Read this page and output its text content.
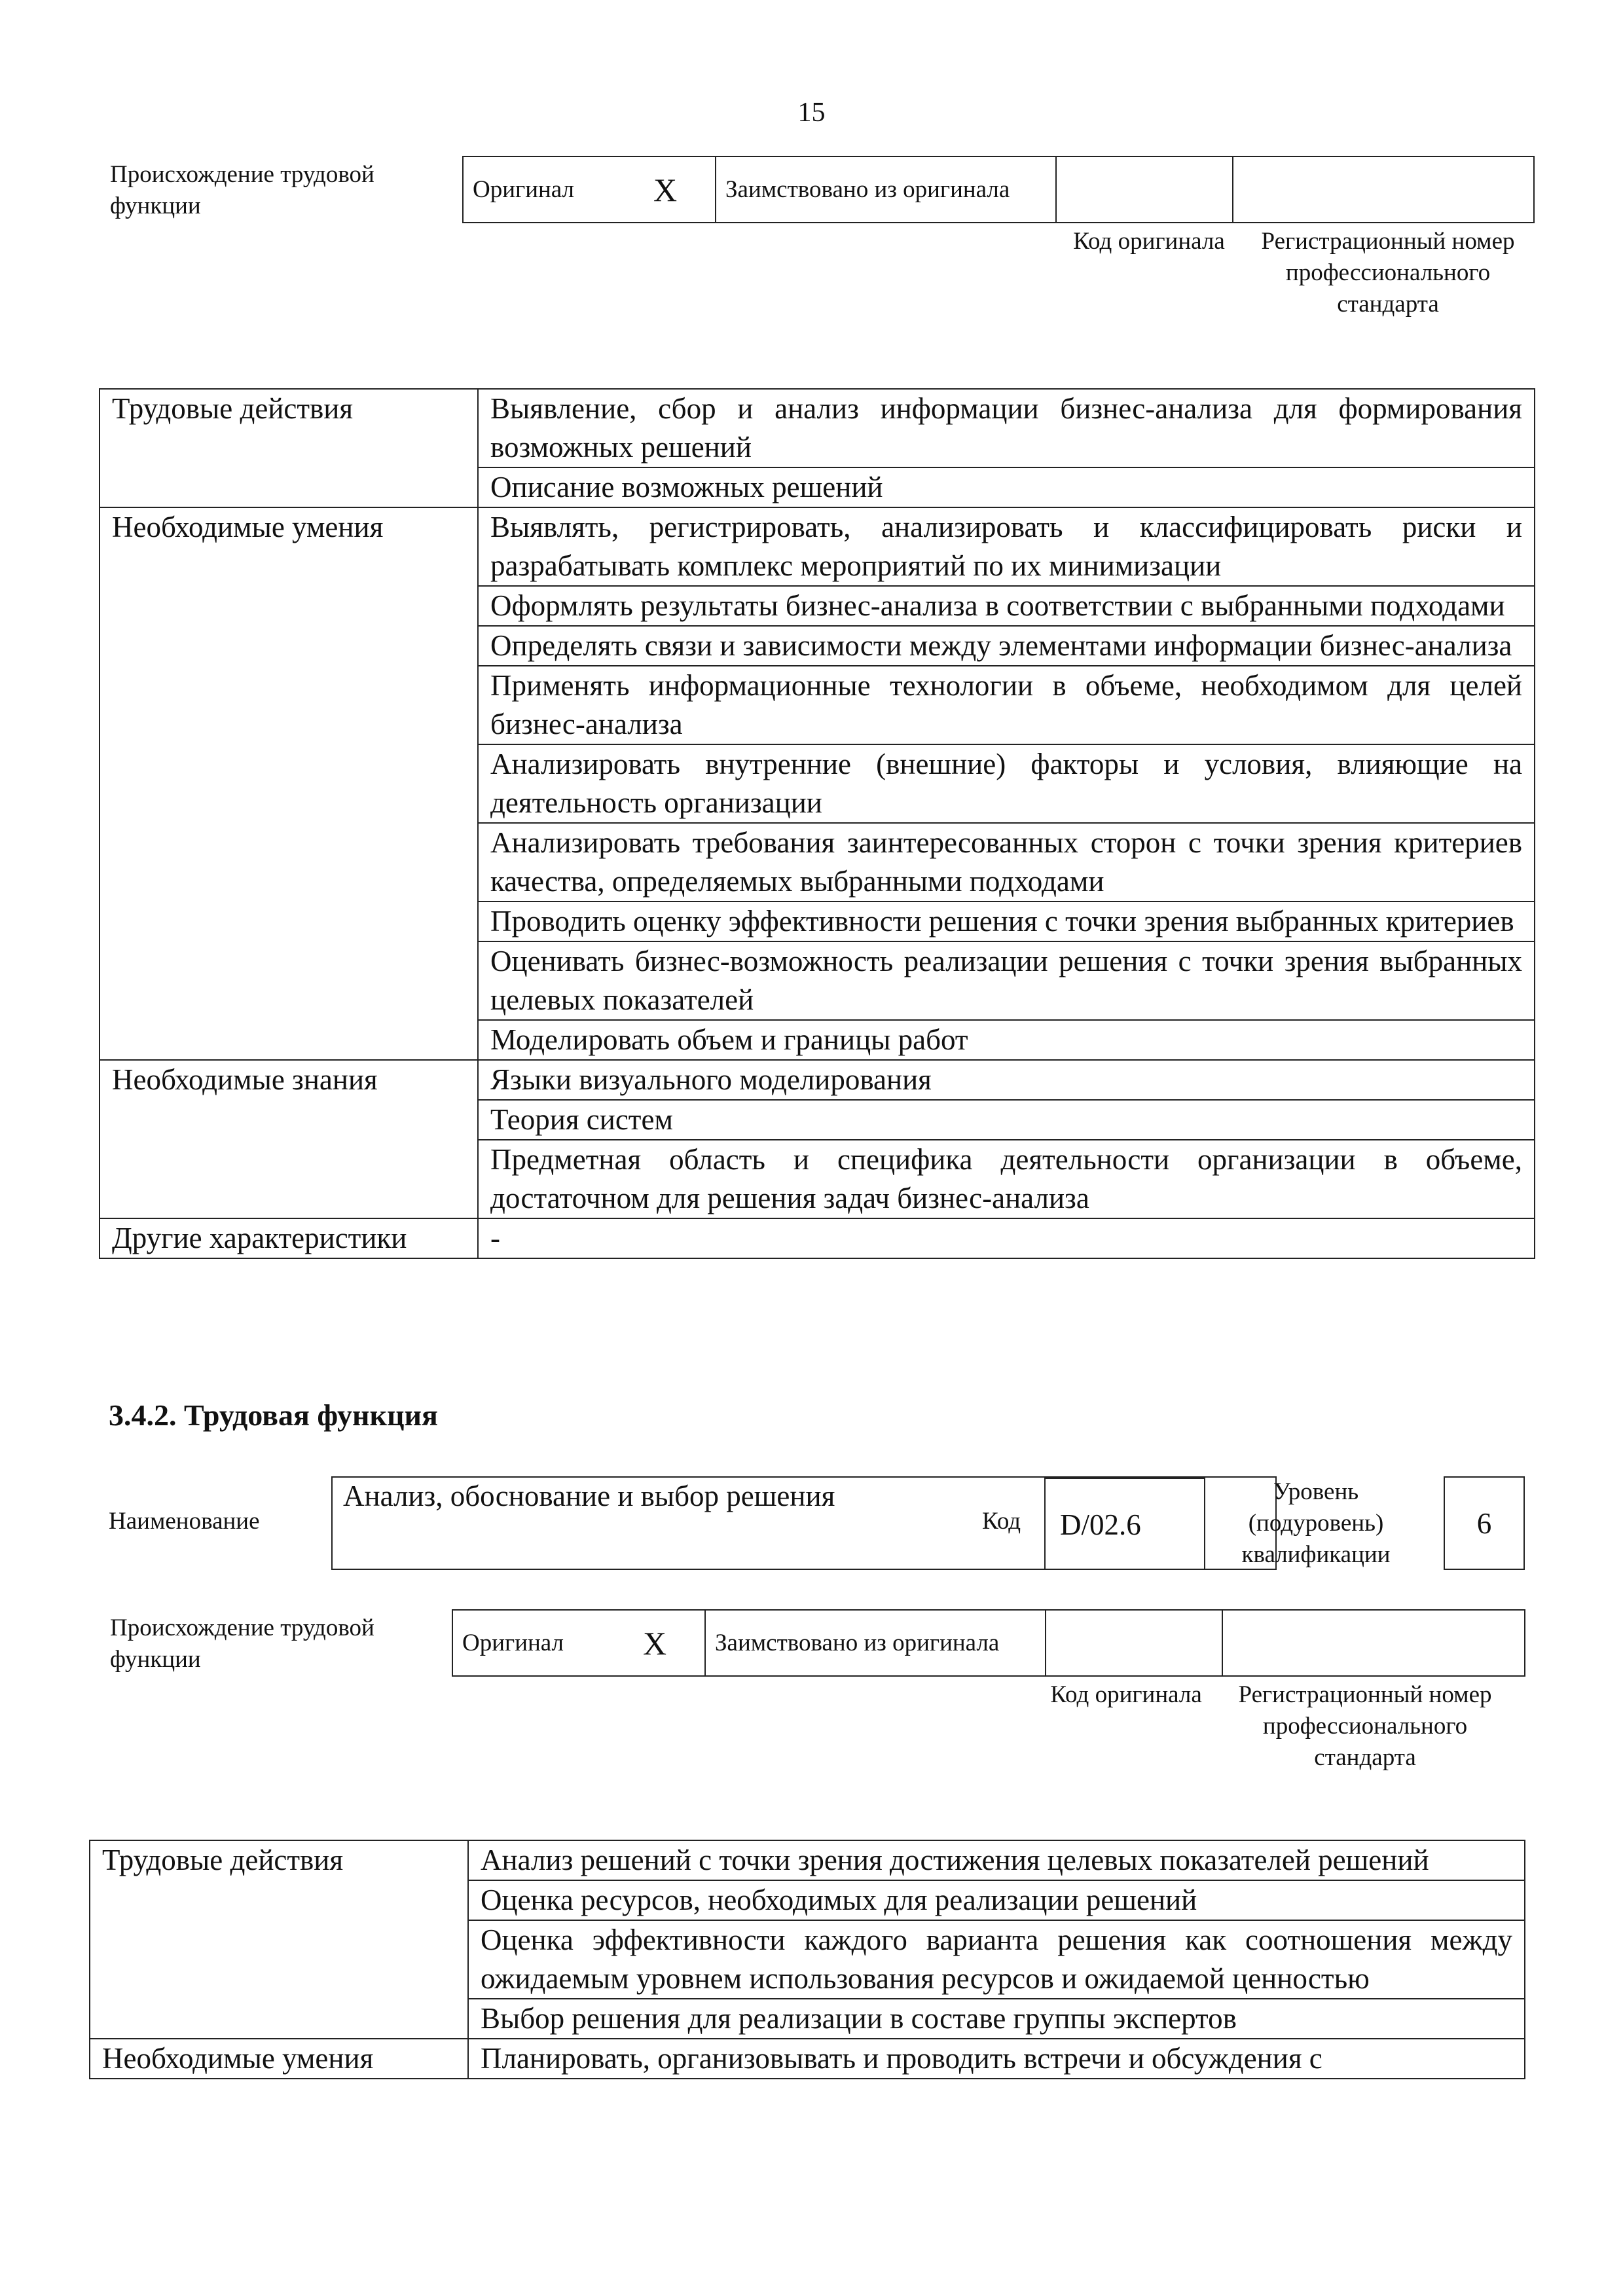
15
Происхождение трудовой функции
Оригинал	X	Заимствовано из оригинала		
Код оригинала	Регистрационный номер профессионального стандарта
Трудовые действия	Выявление, сбор и анализ информации бизнес-анализа для формирования возможных решений
	Описание возможных решений
Необходимые умения	Выявлять, регистрировать, анализировать и классифицировать риски и разрабатывать комплекс мероприятий по их минимизации
	Оформлять результаты бизнес-анализа в соответствии с выбранными подходами
	Определять связи и зависимости между элементами информации бизнес-анализа
	Применять информационные технологии в объеме, необходимом для целей бизнес-анализа
	Анализировать внутренние (внешние) факторы и условия, влияющие на деятельность организации
	Анализировать требования заинтересованных сторон с точки зрения критериев качества, определяемых выбранными подходами
	Проводить оценку эффективности решения с точки зрения выбранных критериев
	Оценивать бизнес-возможность реализации решения с точки зрения выбранных целевых показателей
	Моделировать объем и границы работ
Необходимые знания	Языки визуального моделирования
	Теория систем
	Предметная область и специфика деятельности организации в объеме, достаточном для решения задач бизнес-анализа
Другие характеристики	-
3.4.2. Трудовая функция
Наименование
Анализ, обоснование и выбор решения
Код	D/02.6
Уровень (подуровень) квалификации
6
Происхождение трудовой функции
Оригинал	X	Заимствовано из оригинала		
Код оригинала	Регистрационный номер профессионального стандарта
Трудовые действия	Анализ решений с точки зрения достижения целевых показателей решений
	Оценка ресурсов, необходимых для реализации решений
	Оценка эффективности каждого варианта решения как соотношения между ожидаемым уровнем использования ресурсов и ожидаемой ценностью
	Выбор решения для реализации в составе группы экспертов
Необходимые умения	Планировать, организовывать и проводить встречи и обсуждения с
